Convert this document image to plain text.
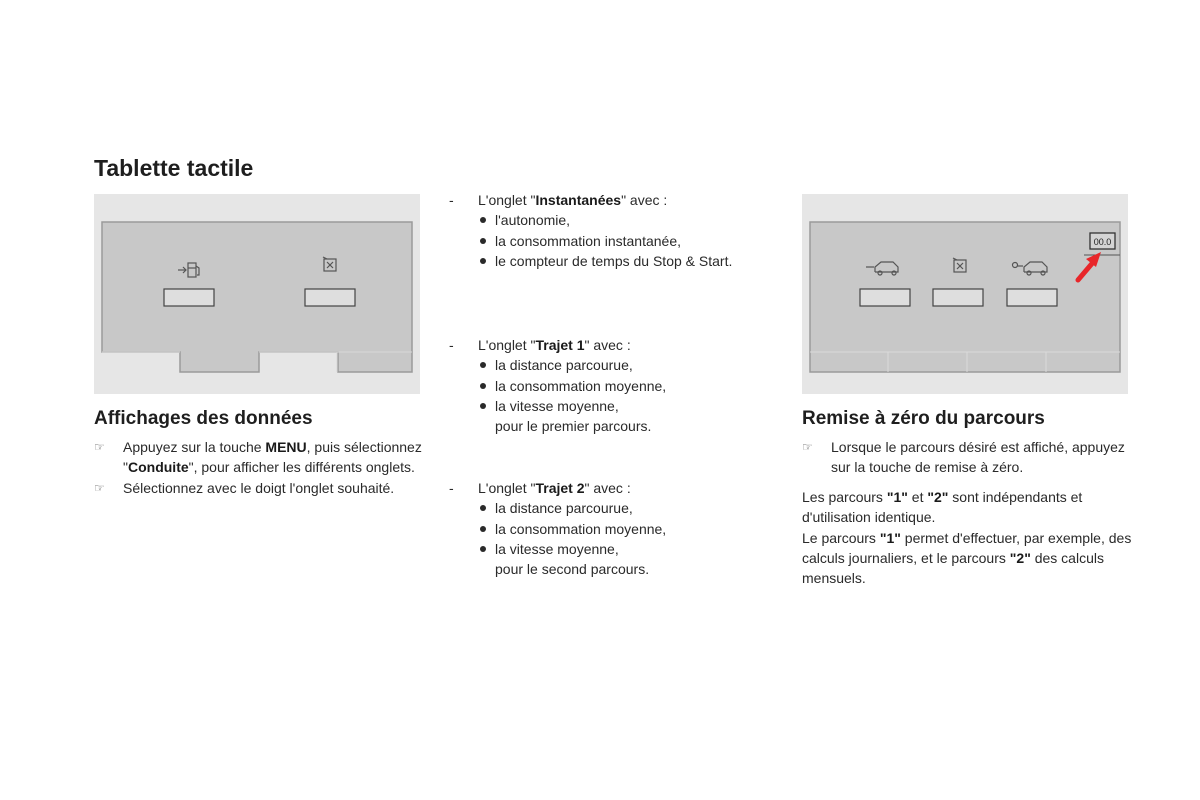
Tablette tactile
00.0
Affichages des données
☞ Appuyez sur la touche MENU, puis sélectionnez "Conduite", pour afficher les différents onglets.
☞ Sélectionnez avec le doigt l'onglet souhaité.
- L'onglet "Instantanées" avec :
l'autonomie,
la consommation instantanée,
le compteur de temps du Stop & Start.
- L'onglet "Trajet 1" avec :
la distance parcourue,
la consommation moyenne,
la vitesse moyenne,
pour le premier parcours.
- L'onglet "Trajet 2" avec :
la distance parcourue,
la consommation moyenne,
la vitesse moyenne,
pour le second parcours.
Remise à zéro du parcours
☞ Lorsque le parcours désiré est affiché, appuyez sur la touche de remise à zéro.
Les parcours "1" et "2" sont indépendants et d'utilisation identique.
Le parcours "1" permet d'effectuer, par exemple, des calculs journaliers, et le parcours "2" des calculs mensuels.
